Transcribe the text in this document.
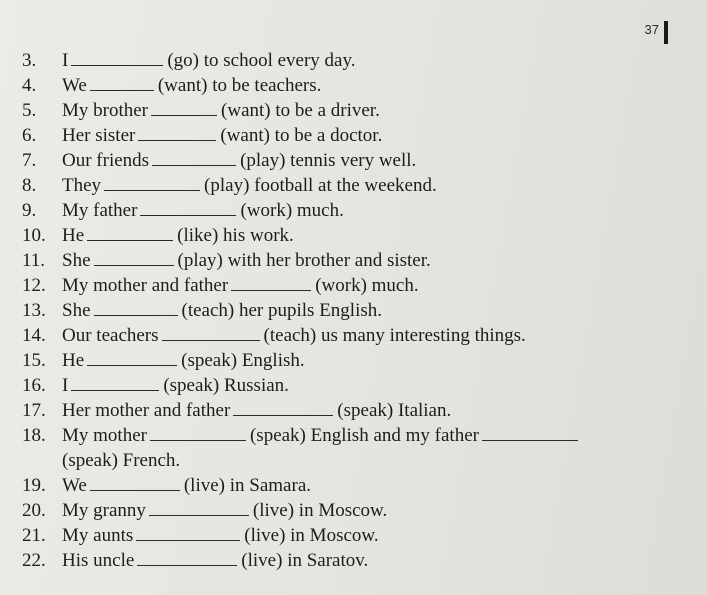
37
3. I	(go) to school every day.
4. We	(want) to be teachers.
5. My brother	(want) to be a driver.
6. Her sister	(want) to be a doctor.
7. Our friends	(play) tennis very well.
8. They	(play) football at the weekend.
9. My father	(work) much.
10. He	(like) his work.
11. She	(play) with her brother and sister.
12. My mother and father	(work) much.
13. She	(teach) her pupils English.
14. Our teachers	(teach) us many interesting things.
15. He	(speak) English.
16. I	(speak) Russian.
17. Her mother and father	(speak) Italian.
18. My mother	(speak) English and my father
(speak) French.
19. We	(live) in Samara.
20. My granny	(live) in Moscow.
21. My aunts	(live) in Moscow.
22. His uncle	(live) in Saratov.
